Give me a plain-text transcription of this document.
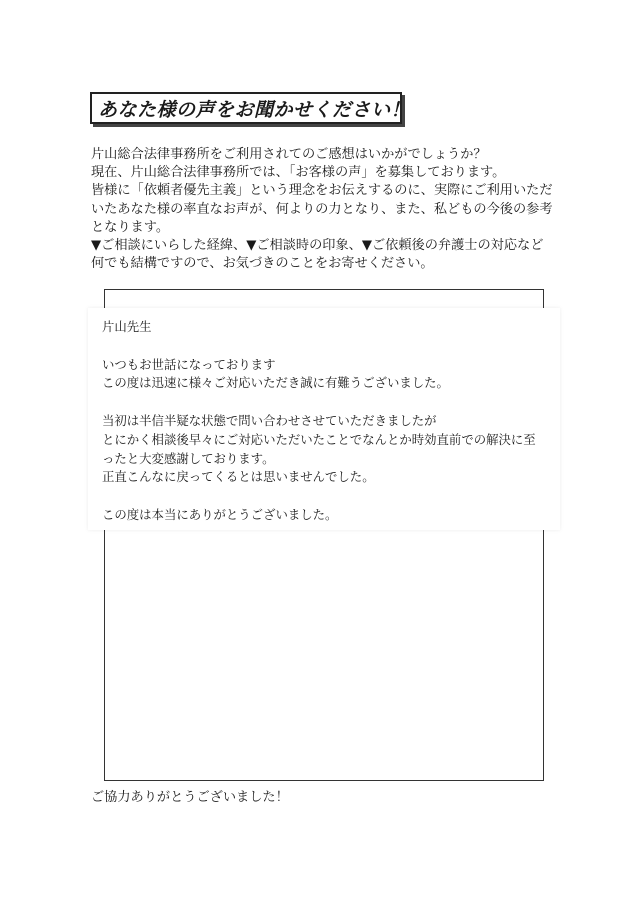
あなた様の声をお聞かせください！
片山総合法律事務所をご利用されてのご感想はいかがでしょうか？
現在、片山総合法律事務所では、「お客様の声」を募集しております。
皆様に「依頼者優先主義」という理念をお伝えするのに、実際にご利用いただ
いたあなた様の率直なお声が、何よりの力となり、また、私どもの今後の参考
となります。
▼ご相談にいらした経緯、▼ご相談時の印象、▼ご依頼後の弁護士の対応など
何でも結構ですので、お気づきのことをお寄せください。
片山先生
いつもお世話になっております
この度は迅速に様々ご対応いただき誠に有難うございました。
当初は半信半疑な状態で問い合わせさせていただきましたが
とにかく相談後早々にご対応いただいたことでなんとか時効直前での解決に至
ったと大変感謝しております。
正直こんなに戻ってくるとは思いませんでした。
この度は本当にありがとうございました。
ご協力ありがとうございました！
